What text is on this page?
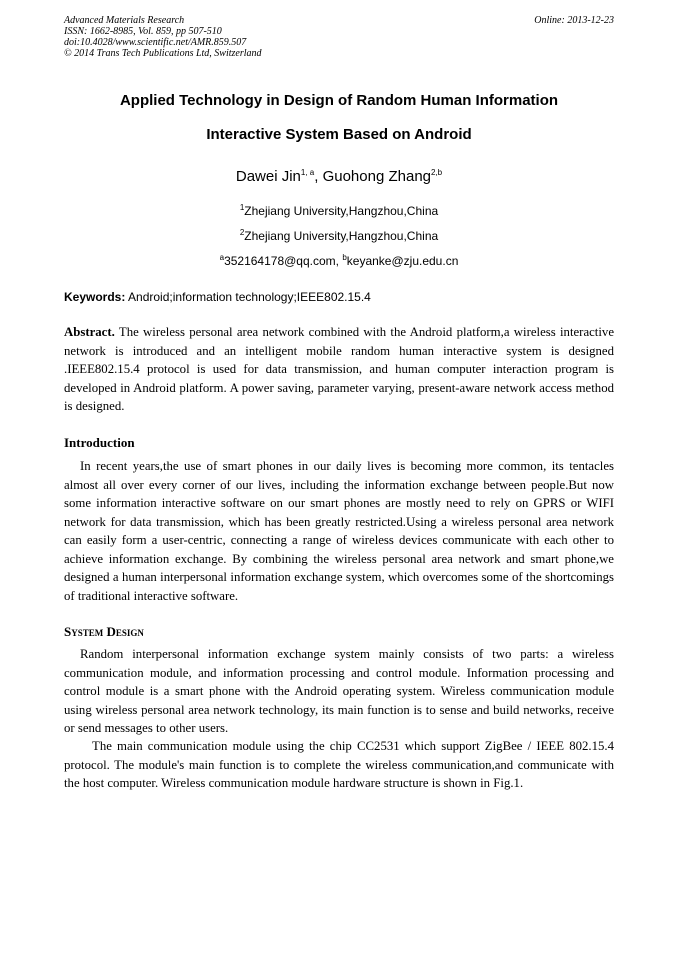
Advanced Materials Research
ISSN: 1662-8985, Vol. 859, pp 507-510
doi:10.4028/www.scientific.net/AMR.859.507
© 2014 Trans Tech Publications Ltd, Switzerland
Online: 2013-12-23
Applied Technology in Design of Random Human Information
Interactive System Based on Android
Dawei Jin$^{1, a}$, Guohong Zhang$^{2,b}$
$^1$Zhejiang University,Hangzhou,China
$^2$Zhejiang University,Hangzhou,China
$^a$352164178@qq.com, $^b$keyanke@zju.edu.cn
Keywords: Android;information technology;IEEE802.15.4
Abstract. The wireless personal area network combined with the Android platform,a wireless interactive network is introduced and an intelligent mobile random human interactive system is designed .IEEE802.15.4 protocol is used for data transmission, and human computer interaction program is developed in Android platform. A power saving, parameter varying, present-aware network access method is designed.
Introduction
In recent years,the use of smart phones in our daily lives is becoming more common, its tentacles almost all over every corner of our lives, including the information exchange between people.But now some information interactive software on our smart phones are mostly need to rely on GPRS or WIFI network for data transmission, which has been greatly restricted.Using a wireless personal area network can easily form a user-centric, connecting a range of wireless devices communicate with each other to achieve information exchange. By combining the wireless personal area network and smart phone,we designed a human interpersonal information exchange system, which overcomes some of the shortcomings of traditional interactive software.
System Design
Random interpersonal information exchange system mainly consists of two parts: a wireless communication module, and information processing and control module. Information processing and control module is a smart phone with the Android operating system. Wireless communication module using wireless personal area network technology, its main function is to sense and build networks, receive or send messages to other users.
The main communication module using the chip CC2531 which support ZigBee / IEEE 802.15.4 protocol. The module's main function is to complete the wireless communication,and communicate with the host computer. Wireless communication module hardware structure is shown in Fig.1.
